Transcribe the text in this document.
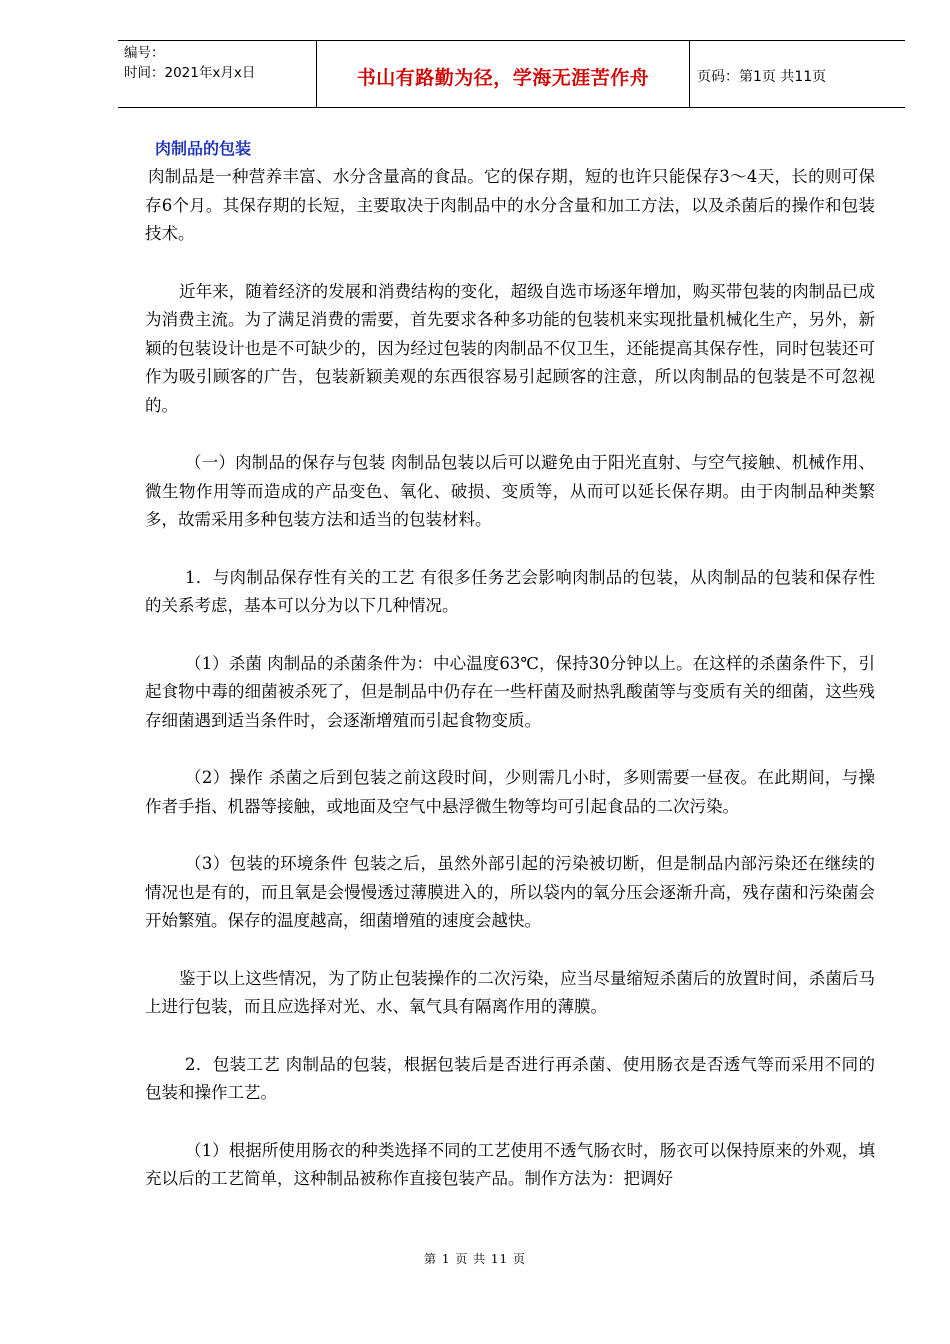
编号：
时间：2021年x月x日	书山有路勤为径，学海无涯苦作舟	页码：第1页 共11页
肉制品的包装

肉制品是一种营养丰富、水分含量高的食品。它的保存期，短的也许只能保存3～4天，长的则可保存6个月。其保存期的长短，主要取决于肉制品中的水分含量和加工方法，以及杀菌后的操作和包装技术。

近年来，随着经济的发展和消费结构的变化，超级自选市场逐年增加，购买带包装的肉制品已成为消费主流。为了满足消费的需要，首先要求各种多功能的包装机来实现批量机械化生产，另外，新颖的包装设计也是不可缺少的，因为经过包装的肉制品不仅卫生，还能提高其保存性，同时包装还可作为吸引顾客的广告，包装新颖美观的东西很容易引起顾客的注意，所以肉制品的包装是不可忽视的。

（一）肉制品的保存与包装 肉制品包装以后可以避免由于阳光直射、与空气接触、机械作用、微生物作用等而造成的产品变色、氧化、破损、变质等，从而可以延长保存期。由于肉制品种类繁多，故需采用多种包装方法和适当的包装材料。

1．与肉制品保存性有关的工艺 有很多任务艺会影响肉制品的包装，从肉制品的包装和保存性的关系考虑，基本可以分为以下几种情况。

（1）杀菌 肉制品的杀菌条件为：中心温度63℃，保持30分钟以上。在这样的杀菌条件下，引起食物中毒的细菌被杀死了，但是制品中仍存在一些杆菌及耐热乳酸菌等与变质有关的细菌，这些残存细菌遇到适当条件时，会逐渐增殖而引起食物变质。

（2）操作 杀菌之后到包装之前这段时间，少则需几小时，多则需要一昼夜。在此期间，与操作者手指、机器等接触，或地面及空气中悬浮微生物等均可引起食品的二次污染。

（3）包装的环境条件 包装之后，虽然外部引起的污染被切断，但是制品内部污染还在继续的情况也是有的，而且氧是会慢慢透过薄膜进入的，所以袋内的氧分压会逐渐升高，残存菌和污染菌会开始繁殖。保存的温度越高，细菌增殖的速度会越快。

鉴于以上这些情况，为了防止包装操作的二次污染，应当尽量缩短杀菌后的放置时间，杀菌后马上进行包装，而且应选择对光、水、氧气具有隔离作用的薄膜。

2．包装工艺 肉制品的包装，根据包装后是否进行再杀菌、使用肠衣是否透气等而采用不同的包装和操作工艺。

（1）根据所使用肠衣的种类选择不同的工艺使用不透气肠衣时，肠衣可以保持原来的外观，填充以后的工艺简单，这种制品被称作直接包装产品。制作方法为：把调好

第 1 页 共 11 页
